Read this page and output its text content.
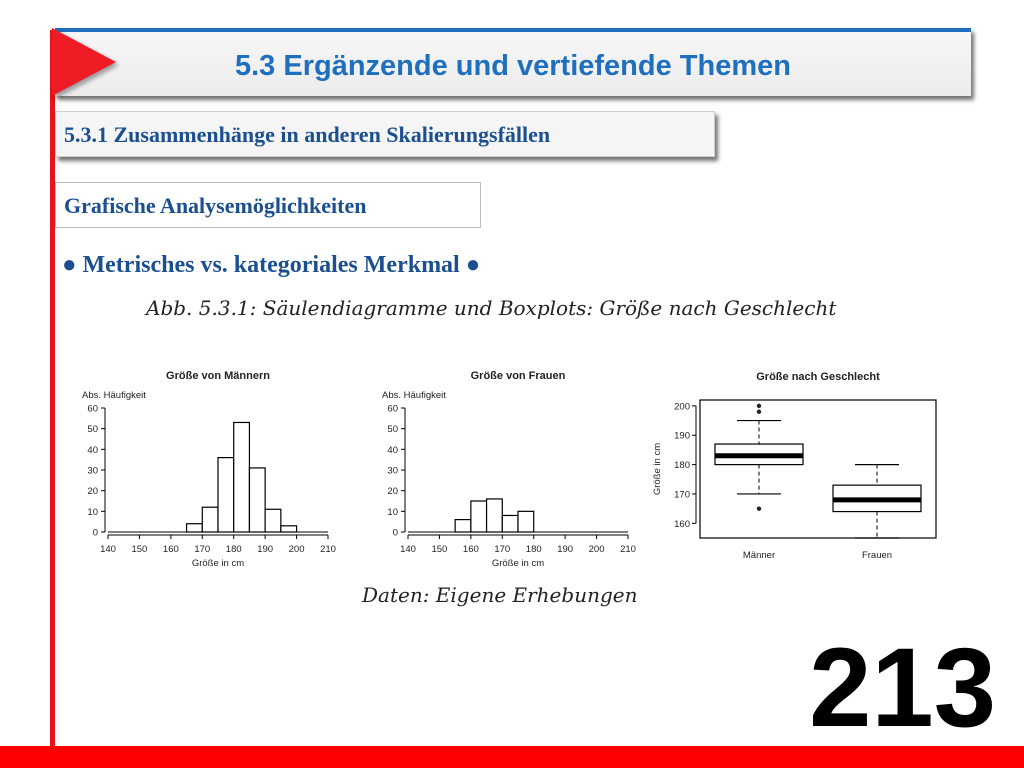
5.3 Ergänzende und vertiefende Themen
5.3.1 Zusammenhänge in anderen Skalierungsfällen
Grafische Analysemöglichkeiten
● Metrisches vs. kategoriales Merkmal ●
Abb. 5.3.1: Säulendiagramme und Boxplots: Größe nach Geschlecht
Größe von Männern
Abs. Häufigkeit
0
10
20
30
40
50
60
140 150 160 170 180 190 200 210
Größe in cm
Größe von Frauen
Abs. Häufigkeit
0
10
20
30
40
50
60
140 150 160 170 180 190 200 210
Größe in cm
Größe nach Geschlecht
160
170
180
190
200
Größe in cm
Männer	Frauen
Daten: Eigene Erhebungen
213
